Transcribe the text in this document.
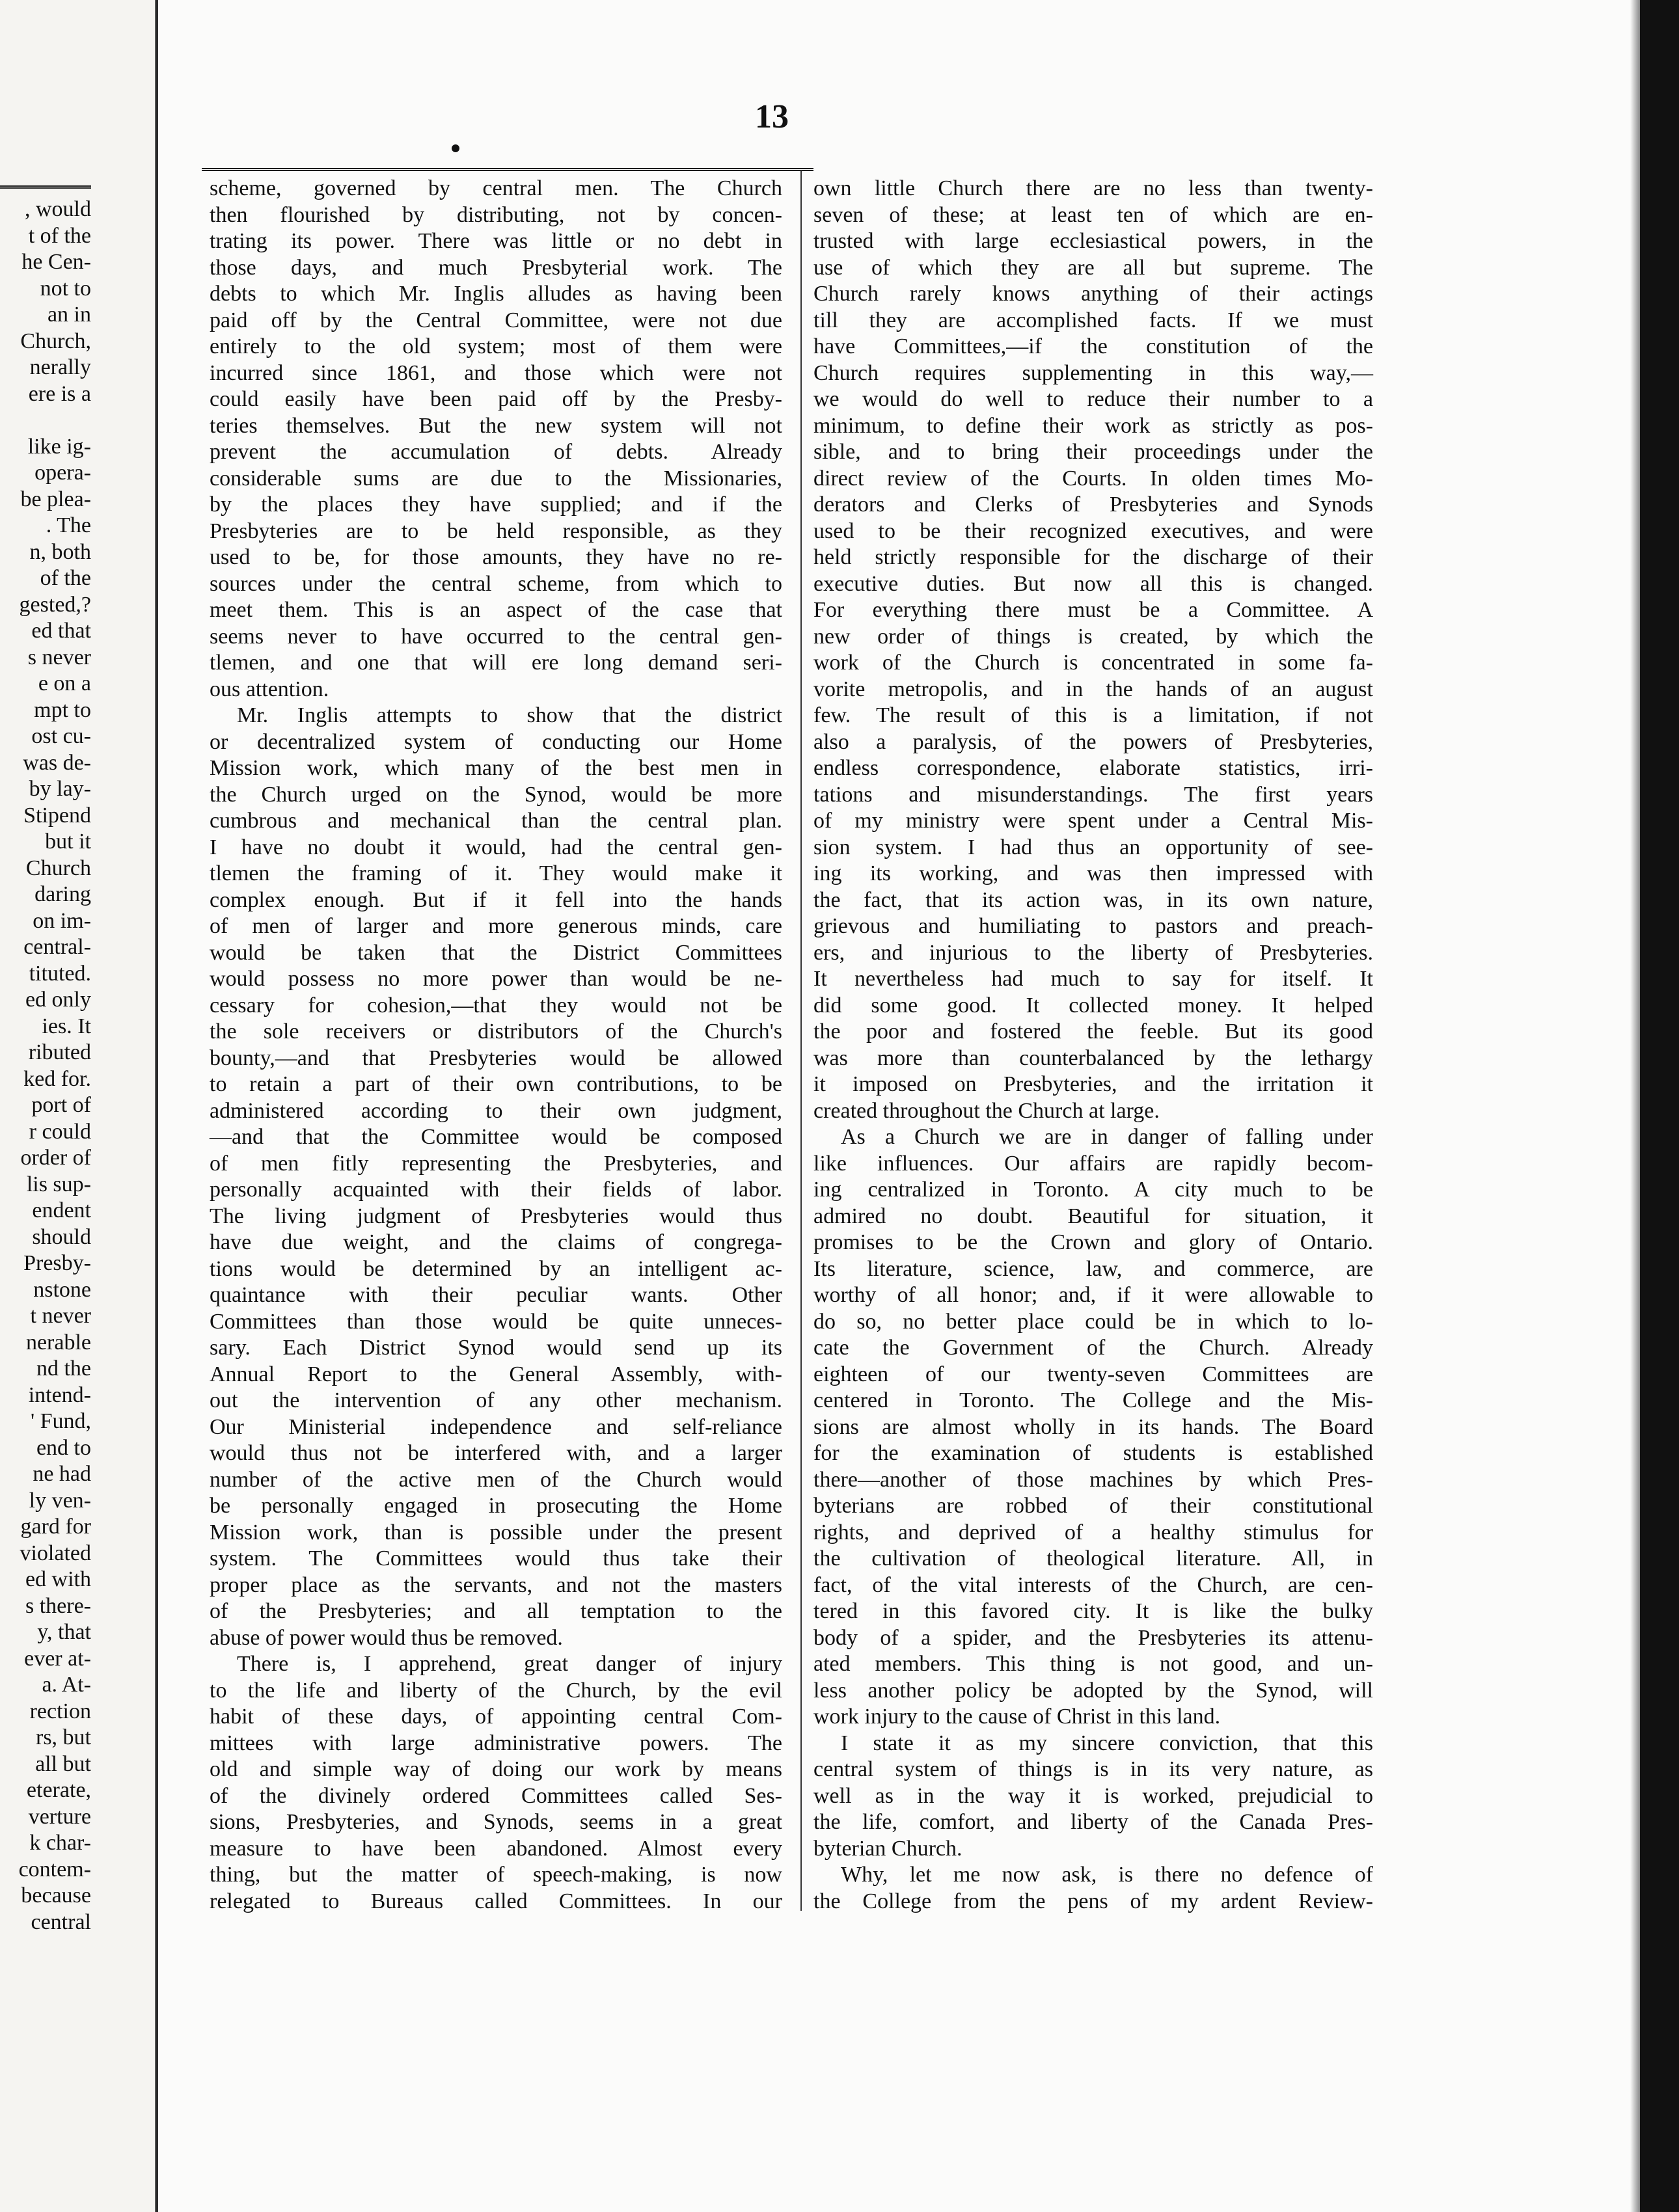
, would
t of the
he Cen-
not to
an in
Church,
nerally
ere is a
like ig-
opera-
be plea-
. The
n, both
of the
gested,?
ed that
s never
e on a
mpt to
ost cu-
was de-
by lay-
Stipend
but it
Church
daring
on im-
central-
tituted.
ed only
ies. It
ributed
ked for.
port of
r could
order of
lis sup-
endent
should
Presby-
nstone
t never
nerable
nd the
intend-
' Fund,
end to
ne had
ly ven-
gard for
violated
ed with
s there-
y, that
ever at-
a. At-
rection
rs, but
all but
eterate,
verture
k char-
contem-
because
central
13
scheme, governed by central men. The Church
then flourished by distributing, not by concen-
trating its power. There was little or no debt in
those days, and much Presbyterial work. The
debts to which Mr. Inglis alludes as having been
paid off by the Central Committee, were not due
entirely to the old system; most of them were
incurred since 1861, and those which were not
could easily have been paid off by the Presby-
teries themselves. But the new system will not
prevent the accumulation of debts. Already
considerable sums are due to the Missionaries,
by the places they have supplied; and if the
Presbyteries are to be held responsible, as they
used to be, for those amounts, they have no re-
sources under the central scheme, from which to
meet them. This is an aspect of the case that
seems never to have occurred to the central gen-
tlemen, and one that will ere long demand seri-
ous attention.
Mr. Inglis attempts to show that the district
or decentralized system of conducting our Home
Mission work, which many of the best men in
the Church urged on the Synod, would be more
cumbrous and mechanical than the central plan.
I have no doubt it would, had the central gen-
tlemen the framing of it. They would make it
complex enough. But if it fell into the hands
of men of larger and more generous minds, care
would be taken that the District Committees
would possess no more power than would be ne-
cessary for cohesion,—that they would not be
the sole receivers or distributors of the Church's
bounty,—and that Presbyteries would be allowed
to retain a part of their own contributions, to be
administered according to their own judgment,
—and that the Committee would be composed
of men fitly representing the Presbyteries, and
personally acquainted with their fields of labor.
The living judgment of Presbyteries would thus
have due weight, and the claims of congrega-
tions would be determined by an intelligent ac-
quaintance with their peculiar wants. Other
Committees than those would be quite unneces-
sary. Each District Synod would send up its
Annual Report to the General Assembly, with-
out the intervention of any other mechanism.
Our Ministerial independence and self-reliance
would thus not be interfered with, and a larger
number of the active men of the Church would
be personally engaged in prosecuting the Home
Mission work, than is possible under the present
system. The Committees would thus take their
proper place as the servants, and not the masters
of the Presbyteries; and all temptation to the
abuse of power would thus be removed.
There is, I apprehend, great danger of injury
to the life and liberty of the Church, by the evil
habit of these days, of appointing central Com-
mittees with large administrative powers. The
old and simple way of doing our work by means
of the divinely ordered Committees called Ses-
sions, Presbyteries, and Synods, seems in a great
measure to have been abandoned. Almost every
thing, but the matter of speech-making, is now
relegated to Bureaus called Committees. In our
own little Church there are no less than twenty-
seven of these; at least ten of which are en-
trusted with large ecclesiastical powers, in the
use of which they are all but supreme. The
Church rarely knows anything of their actings
till they are accomplished facts. If we must
have Committees,—if the constitution of the
Church requires supplementing in this way,—
we would do well to reduce their number to a
minimum, to define their work as strictly as pos-
sible, and to bring their proceedings under the
direct review of the Courts. In olden times Mo-
derators and Clerks of Presbyteries and Synods
used to be their recognized executives, and were
held strictly responsible for the discharge of their
executive duties. But now all this is changed.
For everything there must be a Committee. A
new order of things is created, by which the
work of the Church is concentrated in some fa-
vorite metropolis, and in the hands of an august
few. The result of this is a limitation, if not
also a paralysis, of the powers of Presbyteries,
endless correspondence, elaborate statistics, irri-
tations and misunderstandings. The first years
of my ministry were spent under a Central Mis-
sion system. I had thus an opportunity of see-
ing its working, and was then impressed with
the fact, that its action was, in its own nature,
grievous and humiliating to pastors and preach-
ers, and injurious to the liberty of Presbyteries.
It nevertheless had much to say for itself. It
did some good. It collected money. It helped
the poor and fostered the feeble. But its good
was more than counterbalanced by the lethargy
it imposed on Presbyteries, and the irritation it
created throughout the Church at large.
As a Church we are in danger of falling under
like influences. Our affairs are rapidly becom-
ing centralized in Toronto. A city much to be
admired no doubt. Beautiful for situation, it
promises to be the Crown and glory of Ontario.
Its literature, science, law, and commerce, are
worthy of all honor; and, if it were allowable to
do so, no better place could be in which to lo-
cate the Government of the Church. Already
eighteen of our twenty-seven Committees are
centered in Toronto. The College and the Mis-
sions are almost wholly in its hands. The Board
for the examination of students is established
there—another of those machines by which Pres-
byterians are robbed of their constitutional
rights, and deprived of a healthy stimulus for
the cultivation of theological literature. All, in
fact, of the vital interests of the Church, are cen-
tered in this favored city. It is like the bulky
body of a spider, and the Presbyteries its attenu-
ated members. This thing is not good, and un-
less another policy be adopted by the Synod, will
work injury to the cause of Christ in this land.
I state it as my sincere conviction, that this
central system of things is in its very nature, as
well as in the way it is worked, prejudicial to
the life, comfort, and liberty of the Canada Pres-
byterian Church.
Why, let me now ask, is there no defence of
the College from the pens of my ardent Review-
